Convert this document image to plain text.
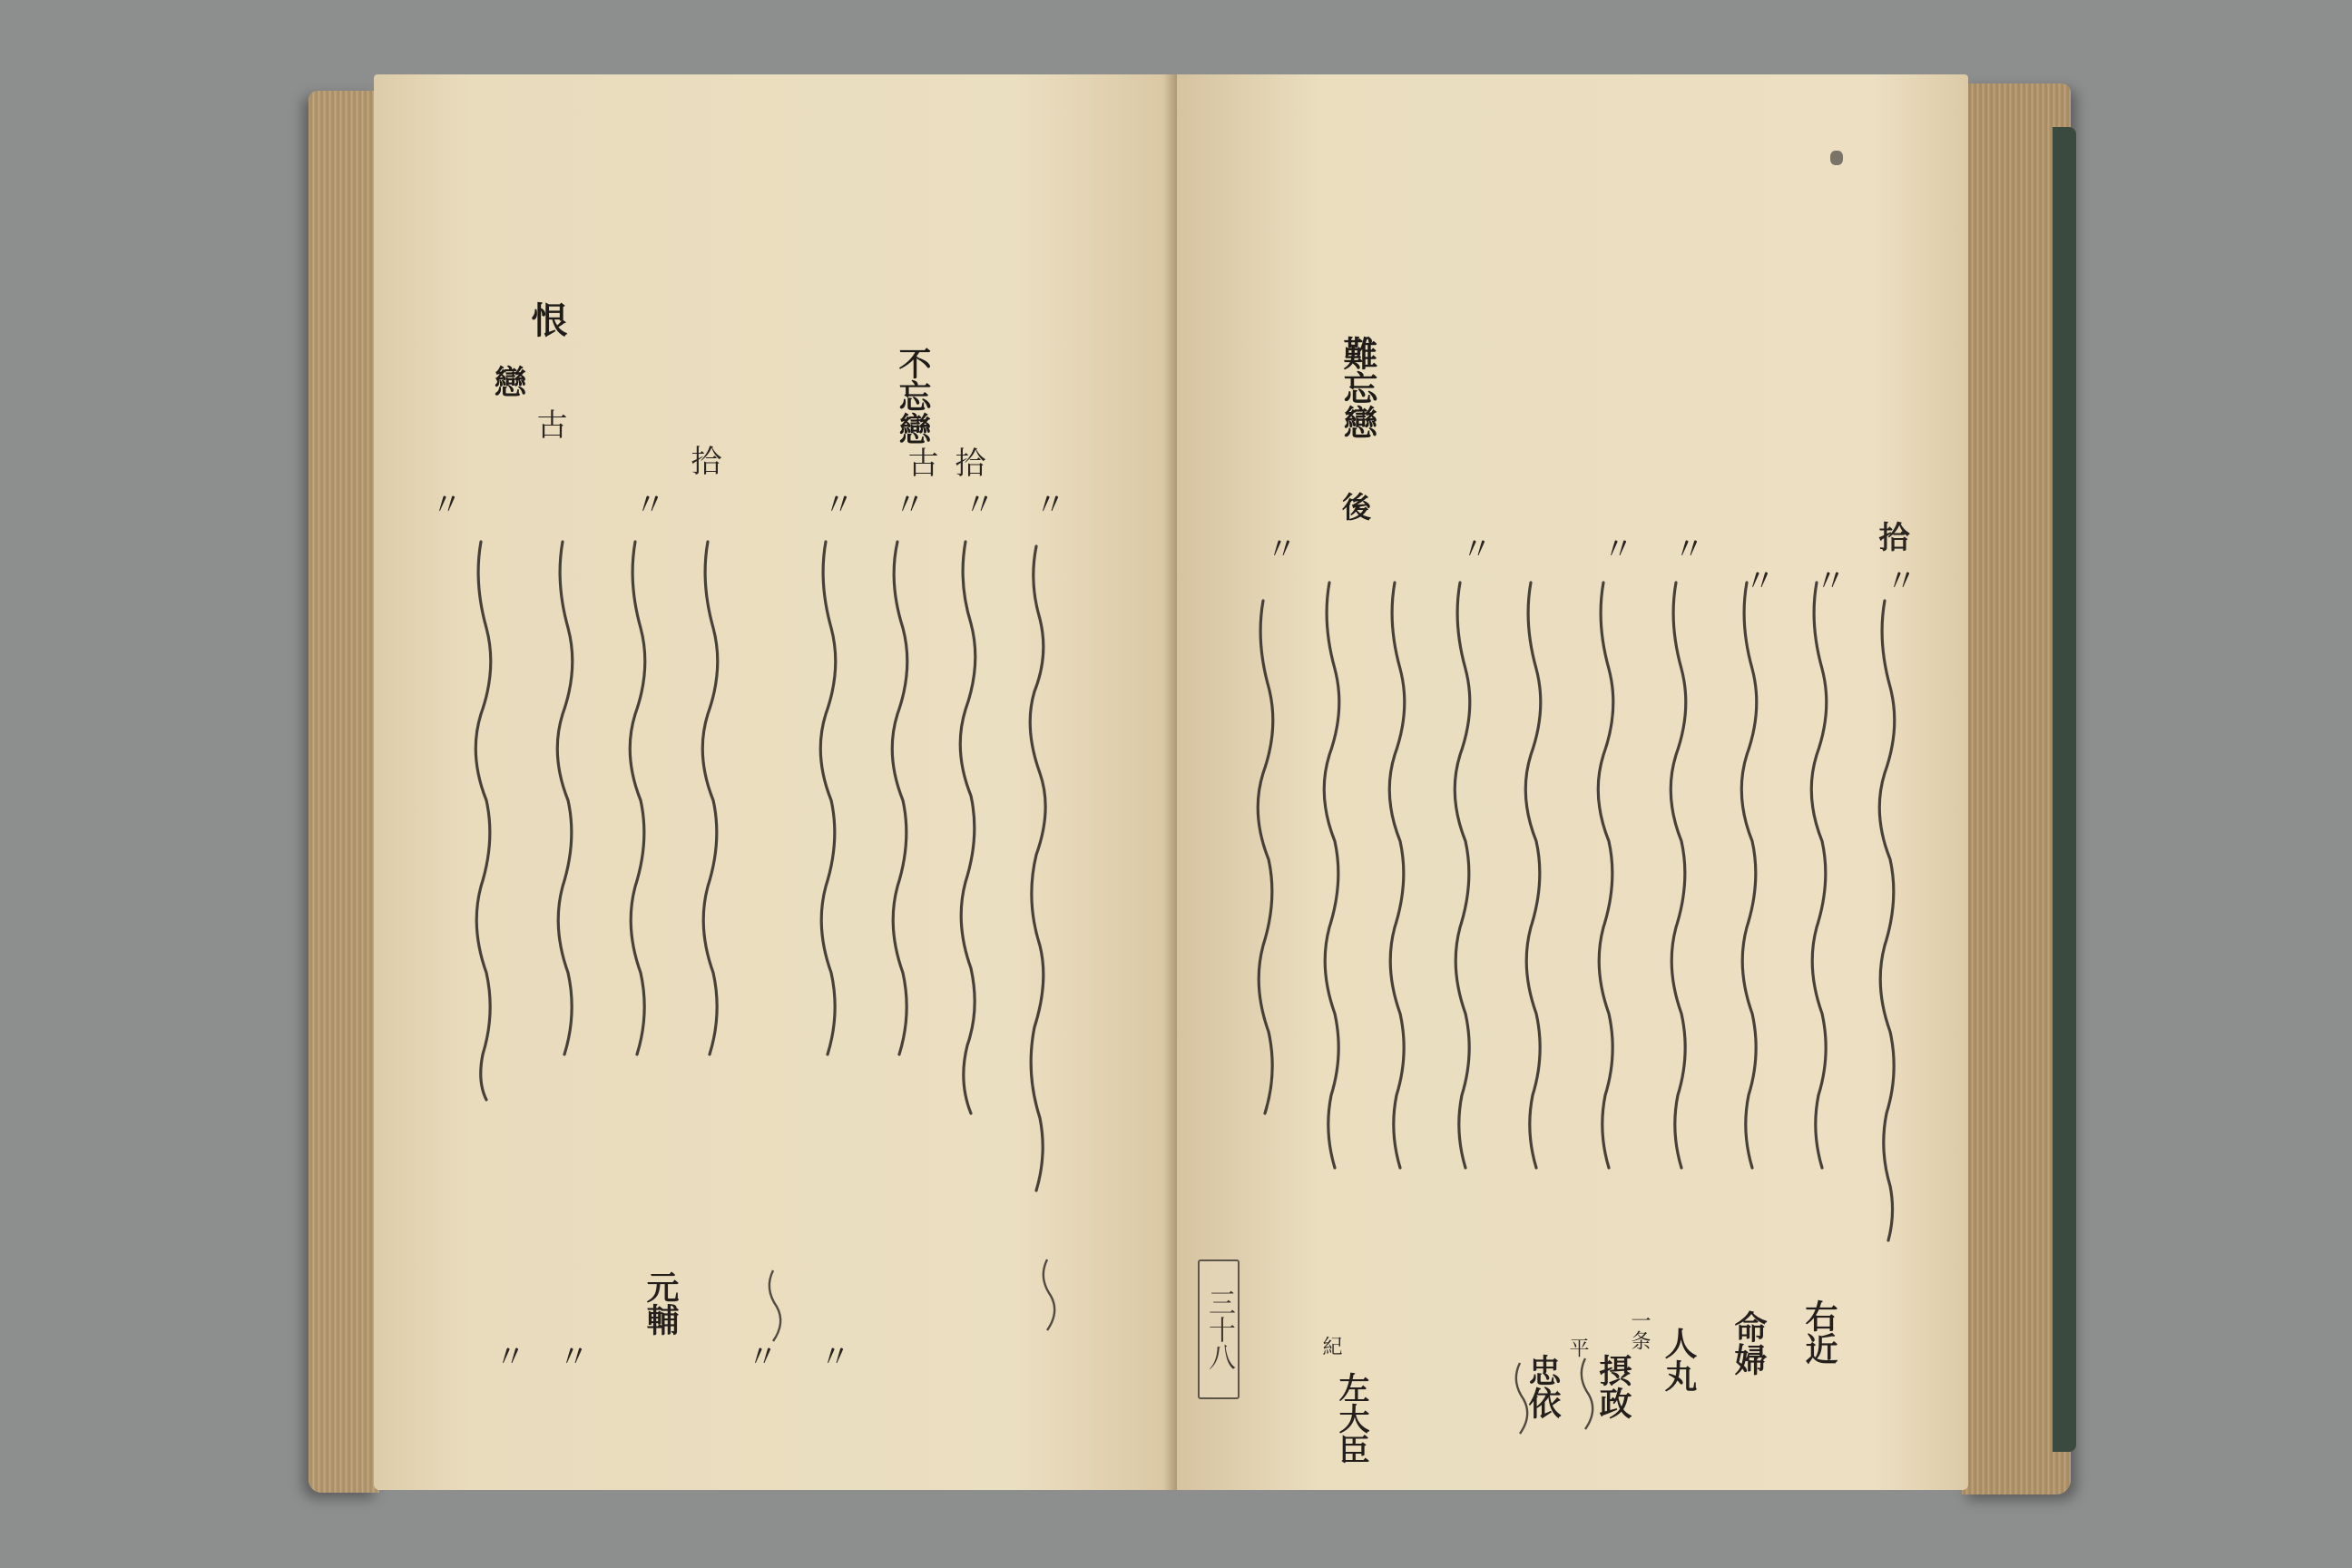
恨
不忘戀
戀
古
古
拾
拾
元輔
〃
〃
〃
〃
〃
〃
〃
〃	〃 〃
難忘戀
後
拾
右近
命婦
人丸
摂政
忠依
左大臣
紀	一条
平
〃
〃
〃
〃
〃
〃
〃
三十八
